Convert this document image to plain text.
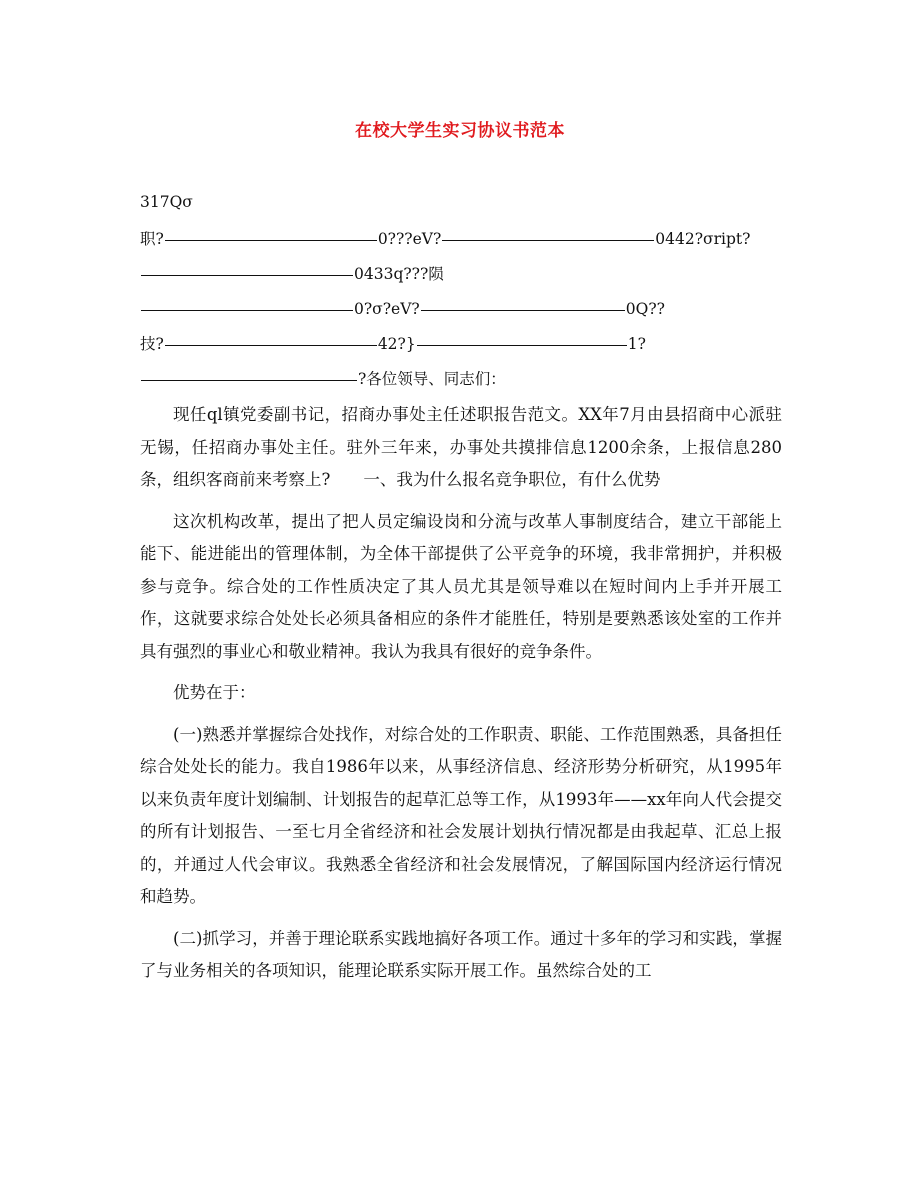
在校大学生实习协议书范本
317Qσ
职?	0???eV?	0442?σript?
0433q???陨
0?σ?eV?	0Q??
技?	42?}	1?
?各位领导、同志们：

现任ql镇党委副书记，招商办事处主任述职报告范文。XX年7月由县招商中心派驻无锡，任招商办事处主任。驻外三年来，办事处共摸排信息1200余条，上报信息280条，组织客商前来考察上?　　一、我为什么报名竞争职位，有什么优势

这次机构改革，提出了把人员定编设岗和分流与改革人事制度结合，建立干部能上能下、能进能出的管理体制，为全体干部提供了公平竞争的环境，我非常拥护，并积极参与竞争。综合处的工作性质决定了其人员尤其是领导难以在短时间内上手并开展工作，这就要求综合处处长必须具备相应的条件才能胜任，特别是要熟悉该处室的工作并具有强烈的事业心和敬业精神。我认为我具有很好的竞争条件。

优势在于：

(一)熟悉并掌握综合处找作，对综合处的工作职责、职能、工作范围熟悉，具备担任综合处处长的能力。我自1986年以来，从事经济信息、经济形势分析研究，从1995年以来负责年度计划编制、计划报告的起草汇总等工作，从1993年——xx年向人代会提交的所有计划报告、一至七月全省经济和社会发展计划执行情况都是由我起草、汇总上报的，并通过人代会审议。我熟悉全省经济和社会发展情况，了解国际国内经济运行情况和趋势。

(二)抓学习，并善于理论联系实践地搞好各项工作。通过十多年的学习和实践，掌握了与业务相关的各项知识，能理论联系实际开展工作。虽然综合处的工
